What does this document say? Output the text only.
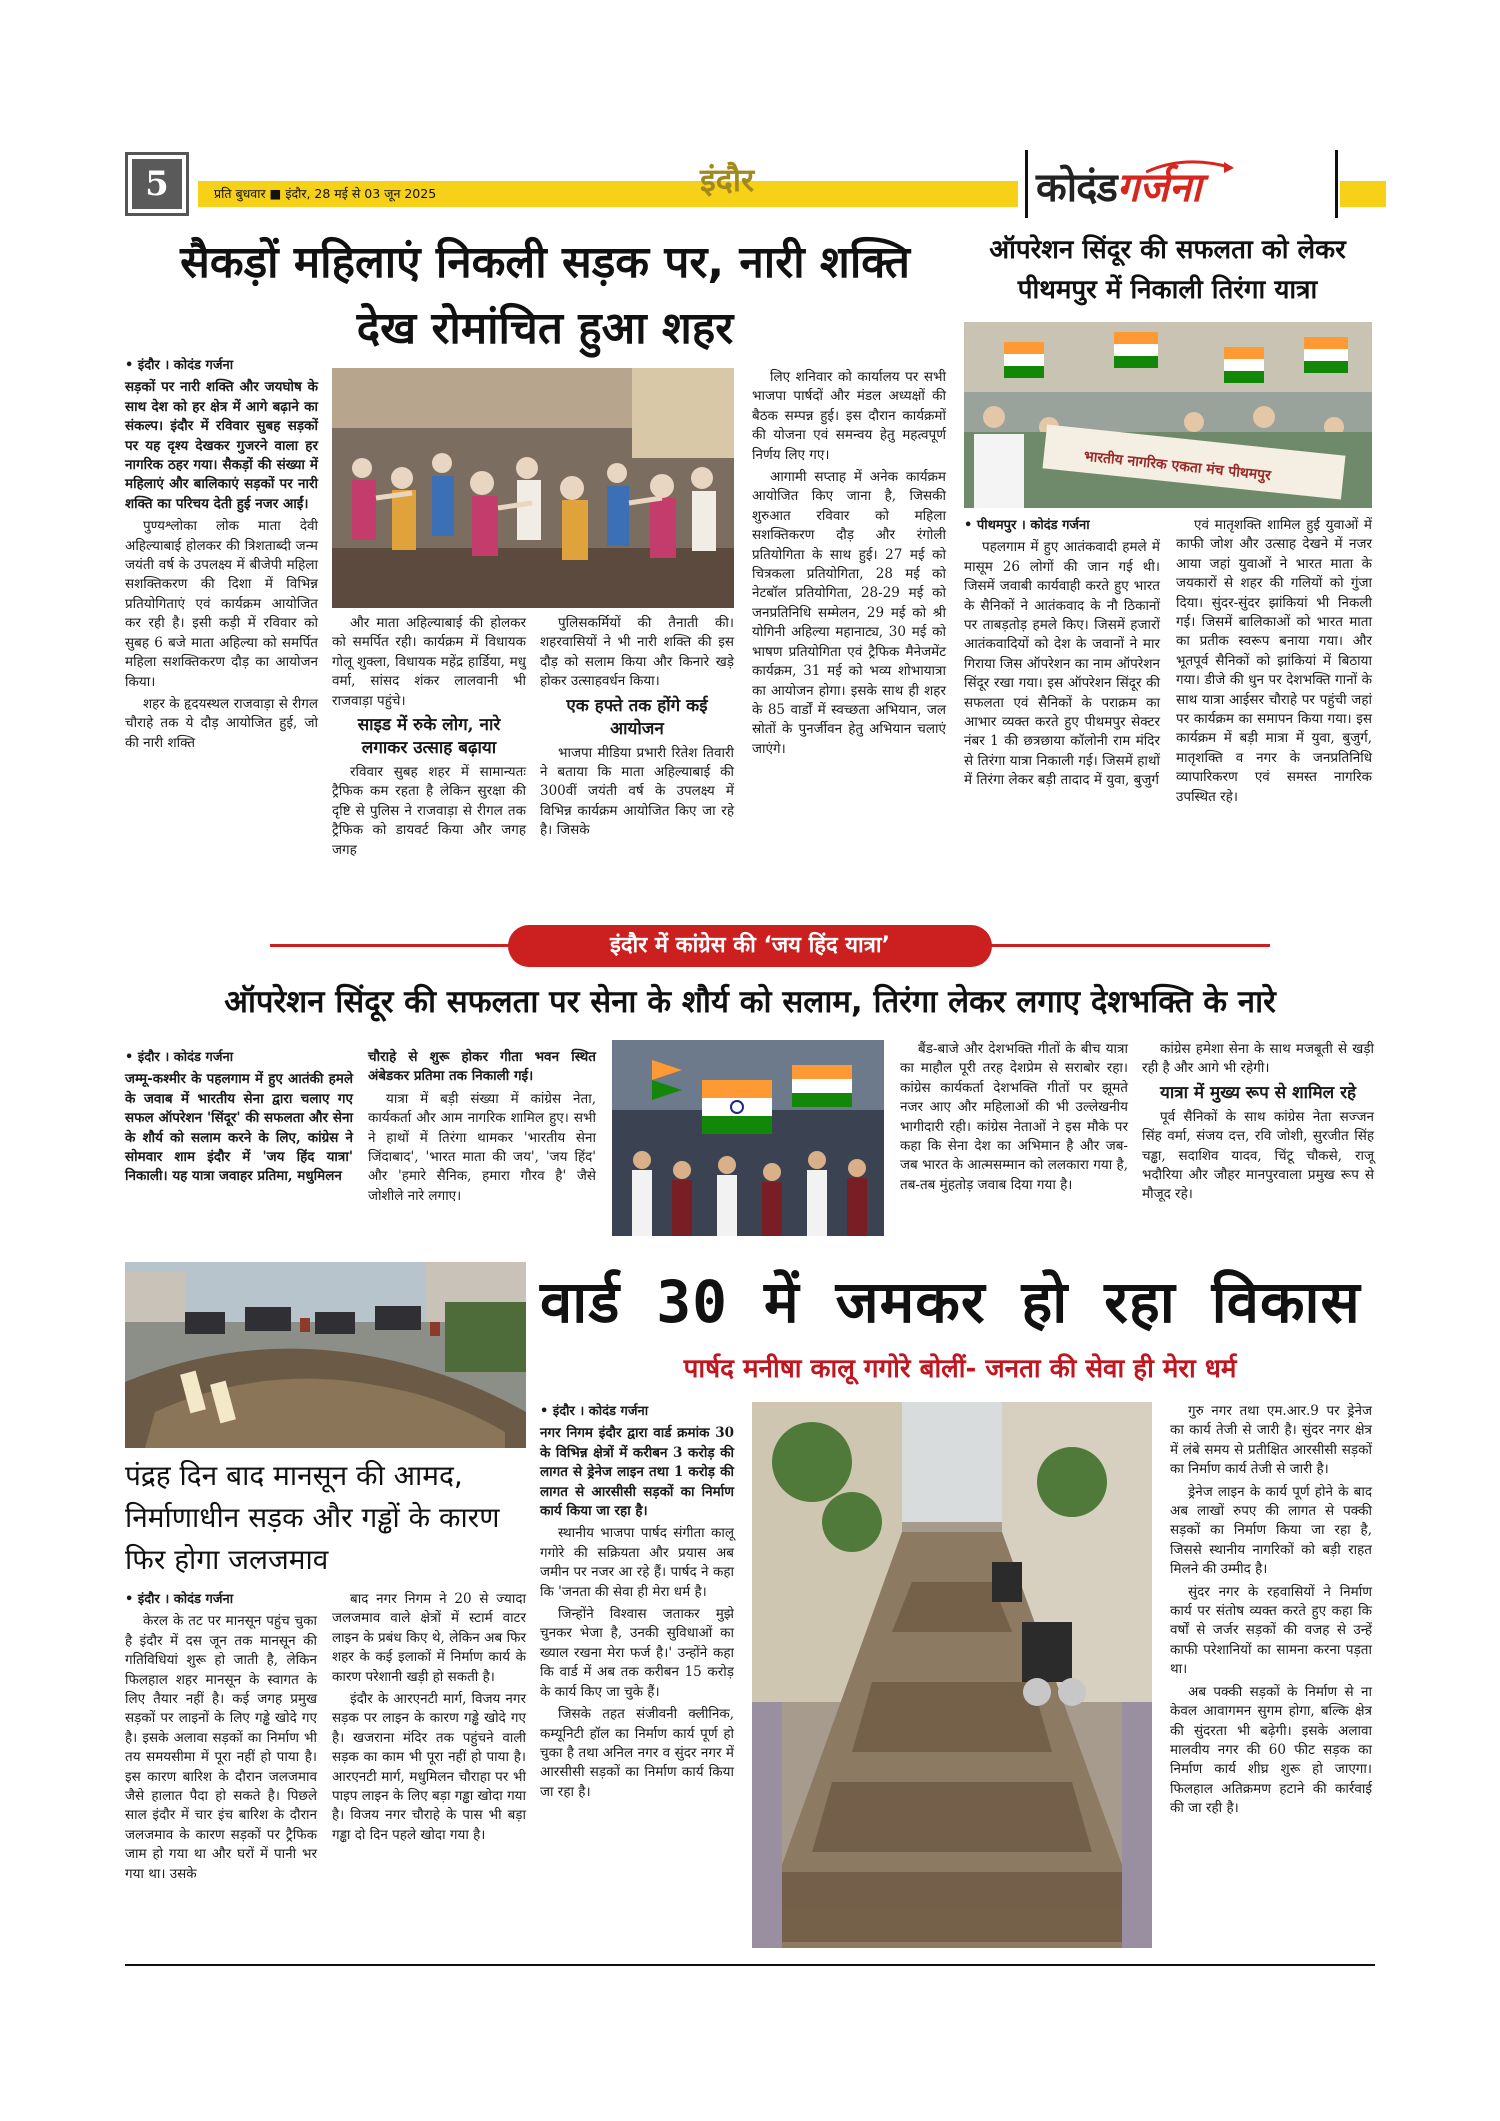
5	प्रति बुधवार ■ इंदौर, 28 मई से 03 जून 2025	इंदौर	कोदंडगर्जना
सैकड़ों महिलाएं निकली सड़क पर, नारी शक्ति देख रोमांचित हुआ शहर

• इंदौर । कोदंड गर्जना

सड़कों पर नारी शक्ति और जयघोष के साथ देश को हर क्षेत्र में आगे बढ़ाने का संकल्प। इंदौर में रविवार सुबह सड़कों पर यह दृश्य देखकर गुजरने वाला हर नागरिक ठहर गया। सैकड़ों की संख्या में महिलाएं और बालिकाएं सड़कों पर नारी शक्ति का परिचय देती हुई नजर आईं।

पुण्यश्लोका लोक माता देवी अहिल्याबाई होलकर की त्रिशताब्दी जन्म जयंती वर्ष के उपलक्ष्य में बीजेपी महिला सशक्तिकरण की दिशा में विभिन्न प्रतियोगिताएं एवं कार्यक्रम आयोजित कर रही है। इसी कड़ी में रविवार को सुबह 6 बजे माता अहिल्या को समर्पित महिला सशक्तिकरण दौड़ का आयोजन किया।

शहर के हृदयस्थल राजवाड़ा से रीगल चौराहे तक ये दौड़ आयोजित हुई, जो की नारी शक्ति

और माता अहिल्याबाई की होलकर को समर्पित रही। कार्यक्रम में विधायक गोलू शुक्ला, विधायक महेंद्र हार्डिया, मधु वर्मा, सांसद शंकर लालवानी भी राजवाड़ा पहुंचे।

साइड में रुके लोग, नारे लगाकर उत्साह बढ़ाया

रविवार सुबह शहर में सामान्यतः ट्रैफिक कम रहता है लेकिन सुरक्षा की दृष्टि से पुलिस ने राजवाड़ा से रीगल तक ट्रैफिक को डायवर्ट किया और जगह जगह

पुलिसकर्मियों की तैनाती की। शहरवासियों ने भी नारी शक्ति की इस दौड़ को सलाम किया और किनारे खड़े होकर उत्साहवर्धन किया।

एक हफ्ते तक होंगे कई आयोजन

भाजपा मीडिया प्रभारी रितेश तिवारी ने बताया कि माता अहिल्याबाई की 300वीं जयंती वर्ष के उपलक्ष्य में विभिन्न कार्यक्रम आयोजित किए जा रहे है। जिसके

लिए शनिवार को कार्यालय पर सभी भाजपा पार्षदों और मंडल अध्यक्षों की बैठक सम्पन्न हुई। इस दौरान कार्यक्रमों की योजना एवं समन्वय हेतु महत्वपूर्ण निर्णय लिए गए।

आगामी सप्ताह में अनेक कार्यक्रम आयोजित किए जाना है, जिसकी शुरुआत रविवार को महिला सशक्तिकरण दौड़ और रंगोली प्रतियोगिता के साथ हुई। 27 मई को चित्रकला प्रतियोगिता, 28 मई को नेटबॉल प्रतियोगिता, 28-29 मई को जनप्रतिनिधि सम्मेलन, 29 मई को श्री योगिनी अहिल्या महानाट्य, 30 मई को भाषण प्रतियोगिता एवं ट्रैफिक मैनेजमेंट कार्यक्रम, 31 मई को भव्य शोभायात्रा का आयोजन होगा। इसके साथ ही शहर के 85 वार्डों में स्वच्छता अभियान, जल स्रोतों के पुनर्जीवन हेतु अभियान चलाएं जाएंगे।

ऑपरेशन सिंदूर की सफलता को लेकर पीथमपुर में निकाली तिरंगा यात्रा
भारतीय नागरिक एकता मंच पीथमपुर

• पीथमपुर । कोदंड गर्जना

पहलगाम में हुए आतंकवादी हमले में मासूम 26 लोगों की जान गई थी। जिसमें जवाबी कार्यवाही करते हुए भारत के सैनिकों ने आतंकवाद के नौ ठिकानों पर ताबड़तोड़ हमले किए। जिसमें हजारों आतंकवादियों को देश के जवानों ने मार गिराया जिस ऑपरेशन का नाम ऑपरेशन सिंदूर रखा गया। इस ऑपरेशन सिंदूर की सफलता एवं सैनिकों के पराक्रम का आभार व्यक्त करते हुए पीथमपुर सेक्टर नंबर 1 की छत्रछाया कॉलोनी राम मंदिर से तिरंगा यात्रा निकाली गई। जिसमें हाथों में तिरंगा लेकर बड़ी तादाद में युवा, बुजुर्ग

एवं मातृशक्ति शामिल हुई युवाओं में काफी जोश और उत्साह देखने में नजर आया जहां युवाओं ने भारत माता के जयकारों से शहर की गलियों को गुंजा दिया। सुंदर-सुंदर झांकियां भी निकली गई। जिसमें बालिकाओं को भारत माता का प्रतीक स्वरूप बनाया गया। और भूतपूर्व सैनिकों को झांकियां में बिठाया गया। डीजे की धुन पर देशभक्ति गानों के साथ यात्रा आईसर चौराहे पर पहुंची जहां पर कार्यक्रम का समापन किया गया। इस कार्यक्रम में बड़ी मात्रा में युवा, बुजुर्ग, मातृशक्ति व नगर के जनप्रतिनिधि व्यापारिकरण एवं समस्त नागरिक उपस्थित रहे।

इंदौर में कांग्रेस की ‘जय हिंद यात्रा’
ऑपरेशन सिंदूर की सफलता पर सेना के शौर्य को सलाम, तिरंगा लेकर लगाए देशभक्ति के नारे

• इंदौर । कोदंड गर्जना

जम्मू-कश्मीर के पहलगाम में हुए आतंकी हमले के जवाब में भारतीय सेना द्वारा चलाए गए सफल ऑपरेशन 'सिंदूर' की सफलता और सेना के शौर्य को सलाम करने के लिए, कांग्रेस ने सोमवार शाम इंदौर में 'जय हिंद यात्रा' निकाली। यह यात्रा जवाहर प्रतिमा, मधुमिलन

चौराहे से शुरू होकर गीता भवन स्थित अंबेडकर प्रतिमा तक निकाली गई।

यात्रा में बड़ी संख्या में कांग्रेस नेता, कार्यकर्ता और आम नागरिक शामिल हुए। सभी ने हाथों में तिरंगा थामकर 'भारतीय सेना जिंदाबाद', 'भारत माता की जय', 'जय हिंद' और 'हमारे सैनिक, हमारा गौरव है' जैसे जोशीले नारे लगाए।

बैंड-बाजे और देशभक्ति गीतों के बीच यात्रा का माहौल पूरी तरह देशप्रेम से सराबोर रहा। कांग्रेस कार्यकर्ता देशभक्ति गीतों पर झूमते नजर आए और महिलाओं की भी उल्लेखनीय भागीदारी रही। कांग्रेस नेताओं ने इस मौके पर कहा कि सेना देश का अभिमान है और जब-जब भारत के आत्मसम्मान को ललकारा गया है, तब-तब मुंहतोड़ जवाब दिया गया है।

कांग्रेस हमेशा सेना के साथ मजबूती से खड़ी रही है और आगे भी रहेगी।

यात्रा में मुख्य रूप से शामिल रहे

पूर्व सैनिकों के साथ कांग्रेस नेता सज्जन सिंह वर्मा, संजय दत्त, रवि जोशी, सुरजीत सिंह चड्ढा, सदाशिव यादव, चिंटू चौकसे, राजू भदौरिया और जौहर मानपुरवाला प्रमुख रूप से मौजूद रहे।

पंद्रह दिन बाद मानसून की आमद, निर्माणाधीन सड़क और गड्ढों के कारण फिर होगा जलजमाव

• इंदौर । कोदंड गर्जना

केरल के तट पर मानसून पहुंच चुका है इंदौर में दस जून तक मानसून की गतिविधियां शुरू हो जाती है, लेकिन फिलहाल शहर मानसून के स्वागत के लिए तैयार नहीं है। कई जगह प्रमुख सड़कों पर लाइनों के लिए गड्ढे खोदे गए है। इसके अलावा सड़कों का निर्माण भी तय समयसीमा में पूरा नहीं हो पाया है। इस कारण बारिश के दौरान जलजमाव जैसे हालात पैदा हो सकते है। पिछले साल इंदौर में चार इंच बारिश के दौरान जलजमाव के कारण सड़कों पर ट्रैफिक जाम हो गया था और घरों में पानी भर गया था। उसके

बाद नगर निगम ने 20 से ज्यादा जलजमाव वाले क्षेत्रों में स्टार्म वाटर लाइन के प्रबंध किए थे, लेकिन अब फिर शहर के कई इलाकों में निर्माण कार्य के कारण परेशानी खड़ी हो सकती है।

इंदौर के आरएनटी मार्ग, विजय नगर सड़क पर लाइन के कारण गड्ढे खोदे गए है। खजराना मंदिर तक पहुंचने वाली सड़क का काम भी पूरा नहीं हो पाया है। आरएनटी मार्ग, मधुमिलन चौराहा पर भी पाइप लाइन के लिए बड़ा गड्ढा खोदा गया है। विजय नगर चौराहे के पास भी बड़ा गड्ढा दो दिन पहले खोदा गया है।

वार्ड 30 में जमकर हो रहा विकास
पार्षद मनीषा कालू गगोरे बोलीं- जनता की सेवा ही मेरा धर्म

• इंदौर । कोदंड गर्जना

नगर निगम इंदौर द्वारा वार्ड क्रमांक 30 के विभिन्न क्षेत्रों में करीबन 3 करोड़ की लागत से ड्रेनेज लाइन तथा 1 करोड़ की लागत से आरसीसी सड़कों का निर्माण कार्य किया जा रहा है।

स्थानीय भाजपा पार्षद संगीता कालू गगोरे की सक्रियता और प्रयास अब जमीन पर नजर आ रहे हैं। पार्षद ने कहा कि 'जनता की सेवा ही मेरा धर्म है।

जिन्होंने विश्वास जताकर मुझे चुनकर भेजा है, उनकी सुविधाओं का ख्याल रखना मेरा फर्ज है।' उन्होंने कहा कि वार्ड में अब तक करीबन 15 करोड़ के कार्य किए जा चुके हैं।

जिसके तहत संजीवनी क्लीनिक, कम्यूनिटी हॉल का निर्माण कार्य पूर्ण हो चुका है तथा अनिल नगर व सुंदर नगर में आरसीसी सड़कों का निर्माण कार्य किया जा रहा है।

गुरु नगर तथा एम.आर.9 पर ड्रेनेज का कार्य तेजी से जारी है। सुंदर नगर क्षेत्र में लंबे समय से प्रतीक्षित आरसीसी सड़कों का निर्माण कार्य तेजी से जारी है।

ड्रेनेज लाइन के कार्य पूर्ण होने के बाद अब लाखों रुपए की लागत से पक्की सड़कों का निर्माण किया जा रहा है, जिससे स्थानीय नागरिकों को बड़ी राहत मिलने की उम्मीद है।

सुंदर नगर के रहवासियों ने निर्माण कार्य पर संतोष व्यक्त करते हुए कहा कि वर्षों से जर्जर सड़कों की वजह से उन्हें काफी परेशानियों का सामना करना पड़ता था।

अब पक्की सड़कों के निर्माण से ना केवल आवागमन सुगम होगा, बल्कि क्षेत्र की सुंदरता भी बढ़ेगी। इसके अलावा मालवीय नगर की 60 फीट सड़क का निर्माण कार्य शीघ्र शुरू हो जाएगा। फिलहाल अतिक्रमण हटाने की कार्रवाई की जा रही है।
